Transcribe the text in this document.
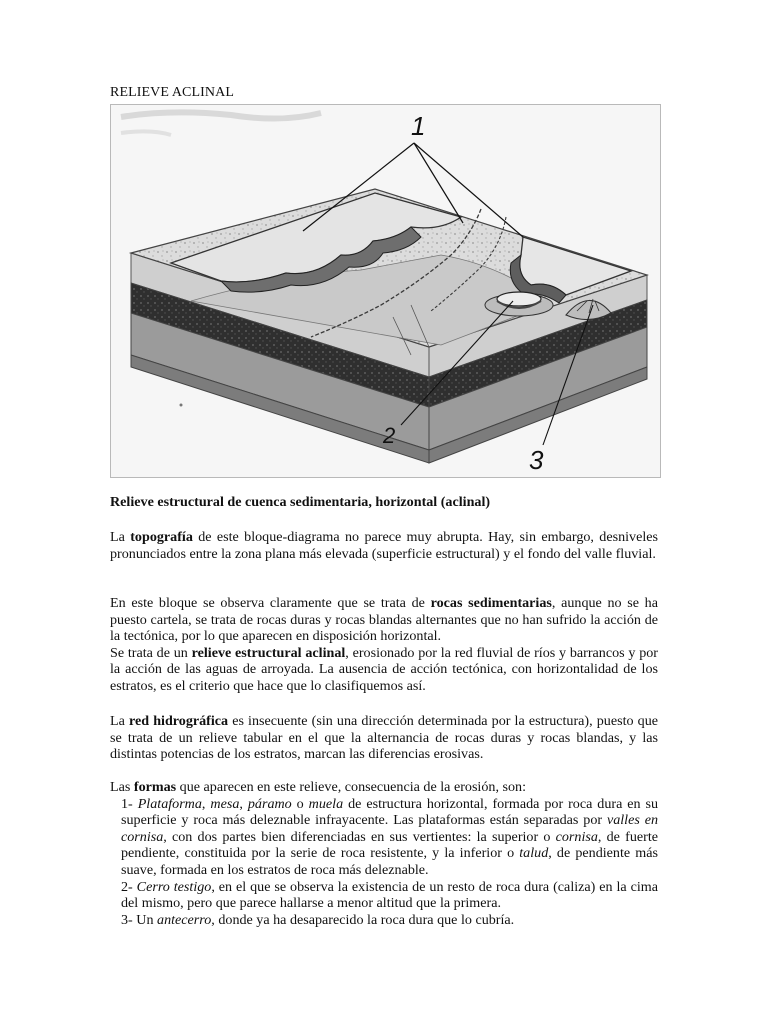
RELIEVE ACLINAL
1
2
3
Relieve estructural de cuenca sedimentaria, horizontal (aclinal)
La topografía de este bloque-diagrama no parece muy abrupta. Hay, sin embargo, desniveles pronunciados entre la zona plana más elevada (superficie estructural) y el fondo del valle fluvial.
En este bloque se observa claramente que se trata de rocas sedimentarias, aunque no se ha puesto cartela, se trata de rocas duras y rocas blandas alternantes que no han sufrido la acción de la tectónica, por lo que aparecen en disposición horizontal.
Se trata de un relieve estructural aclinal, erosionado por la red fluvial de ríos y barrancos y por la acción de las aguas de arroyada. La ausencia de acción tectónica, con horizontalidad de los estratos, es el criterio que hace que lo clasifiquemos así.
La red hidrográfica es insecuente (sin una dirección determinada por la estructura), puesto que se trata de un relieve tabular en el que la alternancia de rocas duras y rocas blandas, y las distintas potencias de los estratos, marcan las diferencias erosivas.
Las formas que aparecen en este relieve, consecuencia de la erosión, son:
1- Plataforma, mesa, páramo o muela de estructura horizontal, formada por roca dura en su superficie y roca más deleznable infrayacente. Las plataformas están separadas por valles en cornisa, con dos partes bien diferenciadas en sus vertientes: la superior o cornisa, de fuerte pendiente, constituida por la serie de roca resistente, y la inferior o talud, de pendiente más suave, formada en los estratos de roca más deleznable.
2- Cerro testigo, en el que se observa la existencia de un resto de roca dura (caliza) en la cima del mismo, pero que parece hallarse a menor altitud que la primera.
3- Un antecerro, donde ya ha desaparecido la roca dura que lo cubría.
